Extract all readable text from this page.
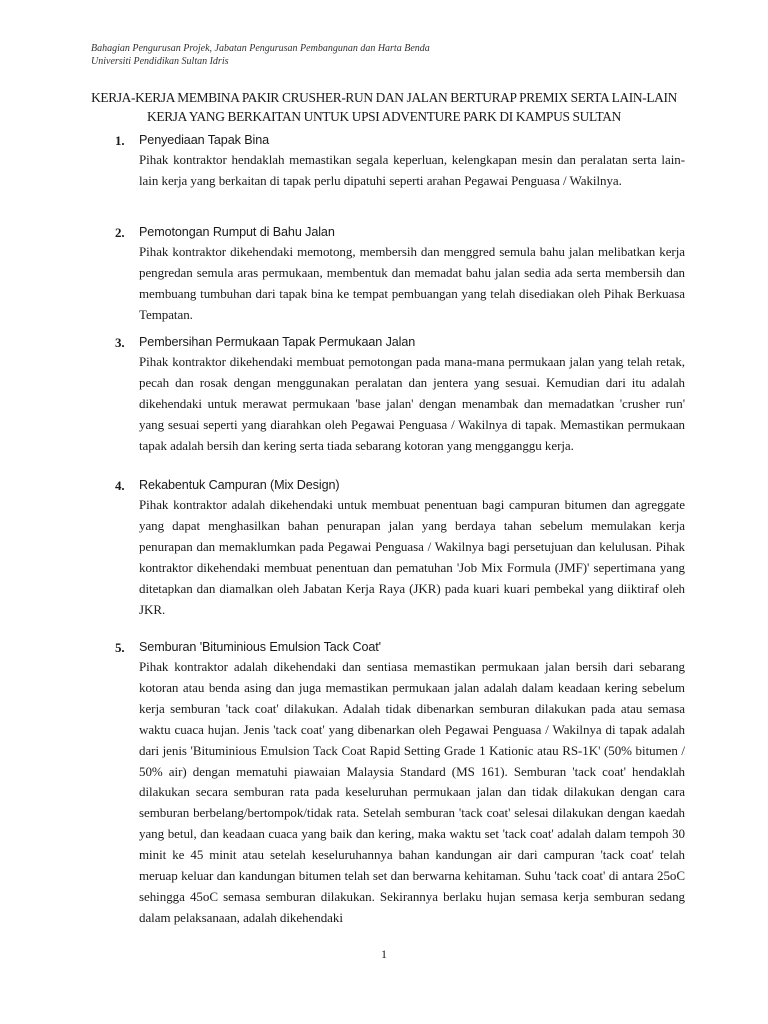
Bahagian Pengurusan Projek, Jabatan Pengurusan Pembangunan dan Harta Benda
Universiti Pendidikan Sultan Idris
KERJA-KERJA MEMBINA PAKIR CRUSHER-RUN DAN JALAN BERTURAP PREMIX SERTA LAIN-LAIN KERJA YANG BERKAITAN UNTUK UPSI ADVENTURE PARK DI KAMPUS SULTAN
1.	Penyediaan Tapak Bina
Pihak kontraktor hendaklah memastikan segala keperluan, kelengkapan mesin dan peralatan serta lain-lain kerja yang berkaitan di tapak perlu dipatuhi seperti arahan Pegawai Penguasa / Wakilnya.
2.	Pemotongan Rumput di Bahu Jalan
Pihak kontraktor dikehendaki memotong, membersih dan menggred semula bahu jalan melibatkan kerja pengredan semula aras permukaan, membentuk dan memadat bahu jalan sedia ada serta membersih dan membuang tumbuhan dari tapak bina ke tempat pembuangan yang telah disediakan oleh Pihak Berkuasa Tempatan.
3.	Pembersihan Permukaan Tapak Permukaan Jalan
Pihak kontraktor dikehendaki membuat pemotongan pada mana-mana permukaan jalan yang telah retak, pecah dan rosak dengan menggunakan peralatan dan jentera yang sesuai. Kemudian dari itu adalah dikehendaki untuk merawat permukaan 'base jalan' dengan menambak dan memadatkan 'crusher run' yang sesuai seperti yang diarahkan oleh Pegawai Penguasa / Wakilnya di tapak. Memastikan permukaan tapak adalah bersih dan kering serta tiada sebarang kotoran yang mengganggu kerja.
4.	Rekabentuk Campuran (Mix Design)
Pihak kontraktor adalah dikehendaki untuk membuat penentuan bagi campuran bitumen dan agreggate yang dapat menghasilkan bahan penurapan jalan yang berdaya tahan sebelum memulakan kerja penurapan dan memaklumkan pada Pegawai Penguasa / Wakilnya bagi persetujuan dan kelulusan. Pihak kontraktor dikehendaki membuat penentuan dan pematuhan 'Job Mix Formula (JMF)' sepertimana yang ditetapkan dan diamalkan oleh Jabatan Kerja Raya (JKR) pada kuari kuari pembekal yang diiktiraf oleh JKR.
5.	Semburan 'Bituminious Emulsion Tack Coat'
Pihak kontraktor adalah dikehendaki dan sentiasa memastikan permukaan jalan bersih dari sebarang kotoran atau benda asing dan juga memastikan permukaan jalan adalah dalam keadaan kering sebelum kerja semburan 'tack coat' dilakukan. Adalah tidak dibenarkan semburan dilakukan pada atau semasa waktu cuaca hujan. Jenis 'tack coat' yang dibenarkan oleh Pegawai Penguasa / Wakilnya di tapak adalah dari jenis 'Bituminious Emulsion Tack Coat Rapid Setting Grade 1 Kationic atau RS-1K' (50% bitumen / 50% air) dengan mematuhi piawaian Malaysia Standard (MS 161). Semburan 'tack coat' hendaklah dilakukan secara semburan rata pada keseluruhan permukaan jalan dan tidak dilakukan dengan cara semburan berbelang/bertompok/tidak rata. Setelah semburan 'tack coat' selesai dilakukan dengan kaedah yang betul, dan keadaan cuaca yang baik dan kering, maka waktu set 'tack coat' adalah dalam tempoh 30 minit ke 45 minit atau setelah keseluruhannya bahan kandungan air dari campuran 'tack coat' telah meruap keluar dan kandungan bitumen telah set dan berwarna kehitaman. Suhu 'tack coat' di antara 25oC sehingga 45oC semasa semburan dilakukan. Sekirannya berlaku hujan semasa kerja semburan sedang dalam pelaksanaan, adalah dikehendaki
1
